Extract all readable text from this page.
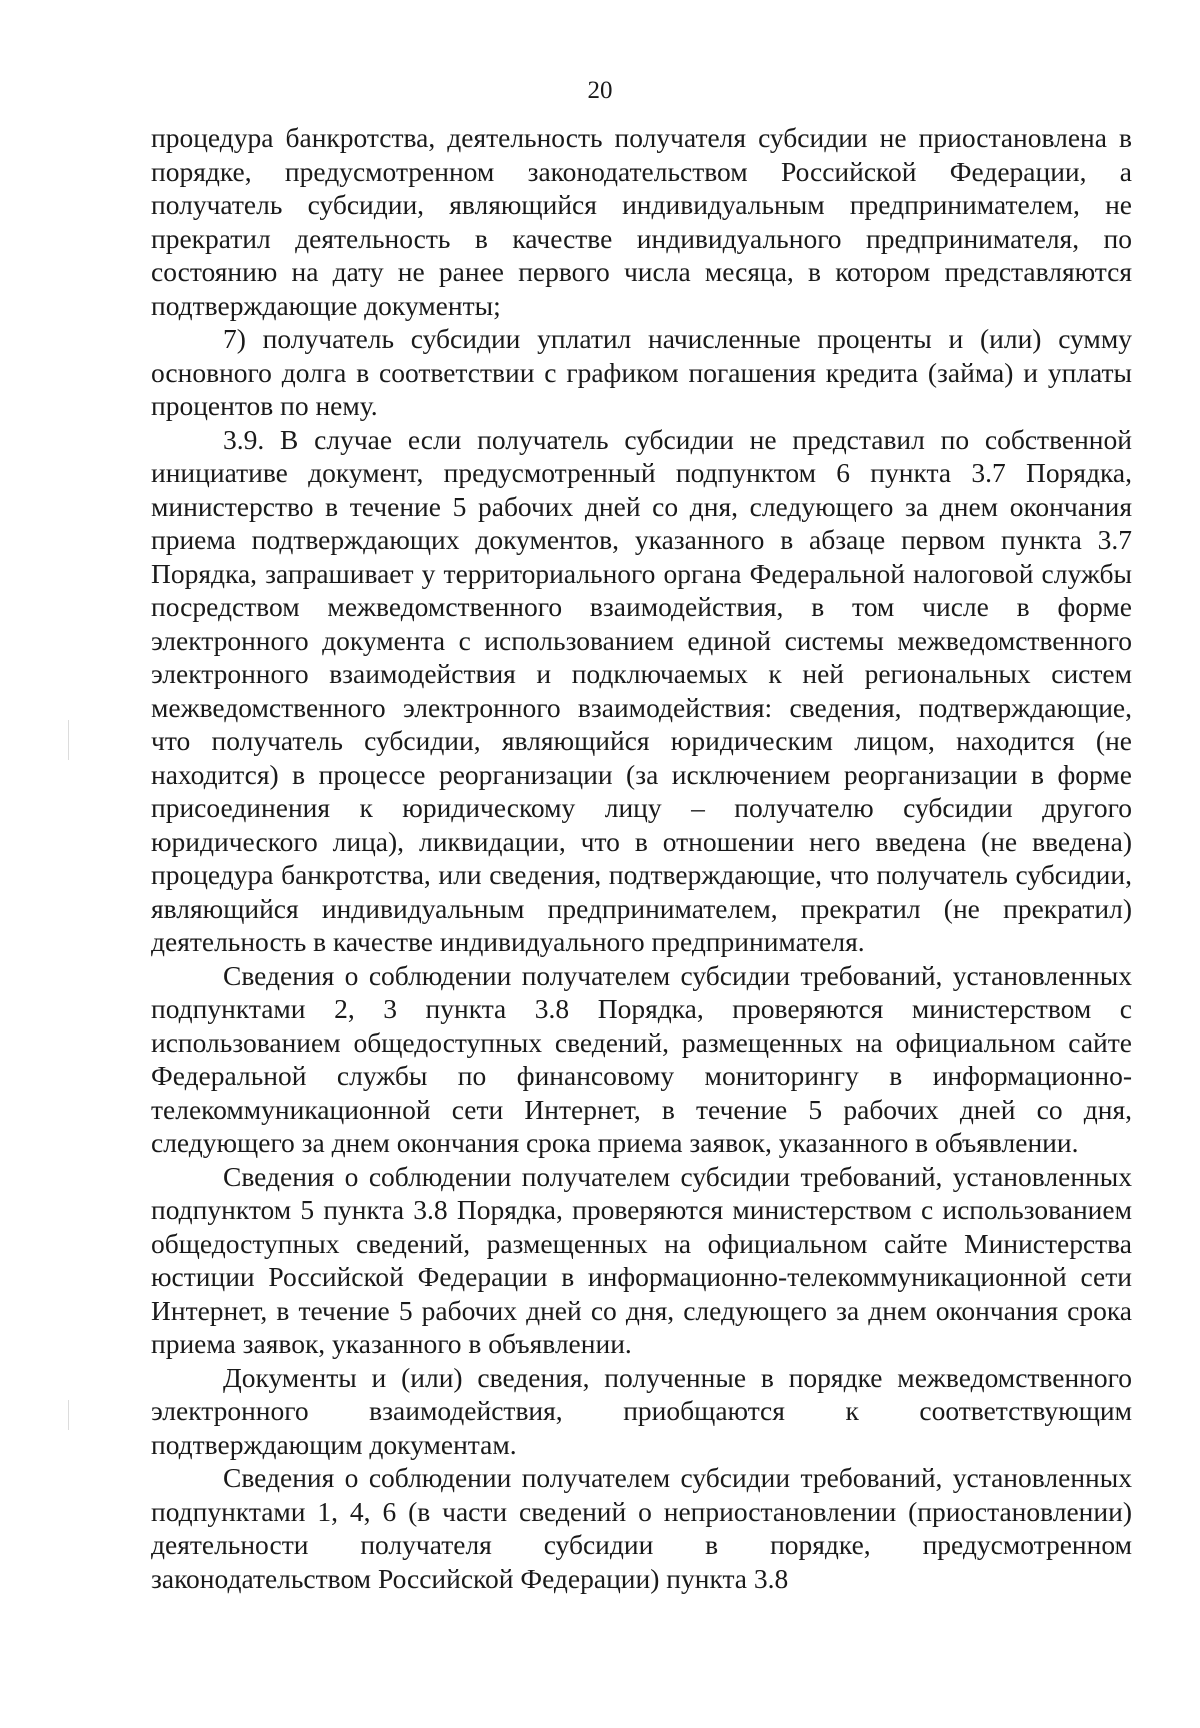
20

процедура банкротства, деятельность получателя субсидии не приостановлена в порядке, предусмотренном законодательством Российской Федерации, а получатель субсидии, являющийся индивидуальным предпринимателем, не прекратил деятельность в качестве индивидуального предпринимателя, по состоянию на дату не ранее первого числа месяца, в котором представляются подтверждающие документы;

7) получатель субсидии уплатил начисленные проценты и (или) сумму основного долга в соответствии с графиком погашения кредита (займа) и уплаты процентов по нему.

3.9. В случае если получатель субсидии не представил по собственной инициативе документ, предусмотренный подпунктом 6 пункта 3.7 Порядка, министерство в течение 5 рабочих дней со дня, следующего за днем окончания приема подтверждающих документов, указанного в абзаце первом пункта 3.7 Порядка, запрашивает у территориального органа Федеральной налоговой службы посредством межведомственного взаимодействия, в том числе в форме электронного документа с использованием единой системы межведомственного электронного взаимодействия и подключаемых к ней региональных систем межведомственного электронного взаимодействия: сведения, подтверждающие, что получатель субсидии, являющийся юридическим лицом, находится (не находится) в процессе реорганизации (за исключением реорганизации в форме присоединения к юридическому лицу – получателю субсидии другого юридического лица), ликвидации, что в отношении него введена (не введена) процедура банкротства, или сведения, подтверждающие, что получатель субсидии, являющийся индивидуальным предпринимателем, прекратил (не прекратил) деятельность в качестве индивидуального предпринимателя.

Сведения о соблюдении получателем субсидии требований, установленных подпунктами 2, 3 пункта 3.8 Порядка, проверяются министерством с использованием общедоступных сведений, размещенных на официальном сайте Федеральной службы по финансовому мониторингу в информационно-телекоммуникационной сети Интернет, в течение 5 рабочих дней со дня, следующего за днем окончания срока приема заявок, указанного в объявлении.

Сведения о соблюдении получателем субсидии требований, установленных подпунктом 5 пункта 3.8 Порядка, проверяются министерством с использованием общедоступных сведений, размещенных на официальном сайте Министерства юстиции Российской Федерации в информационно-телекоммуникационной сети Интернет, в течение 5 рабочих дней со дня, следующего за днем окончания срока приема заявок, указанного в объявлении.

Документы и (или) сведения, полученные в порядке межведомственного электронного взаимодействия, приобщаются к соответствующим подтверждающим документам.

Сведения о соблюдении получателем субсидии требований, установленных подпунктами 1, 4, 6 (в части сведений о неприостановлении (приостановлении) деятельности получателя субсидии в порядке, предусмотренном законодательством Российской Федерации) пункта 3.8
